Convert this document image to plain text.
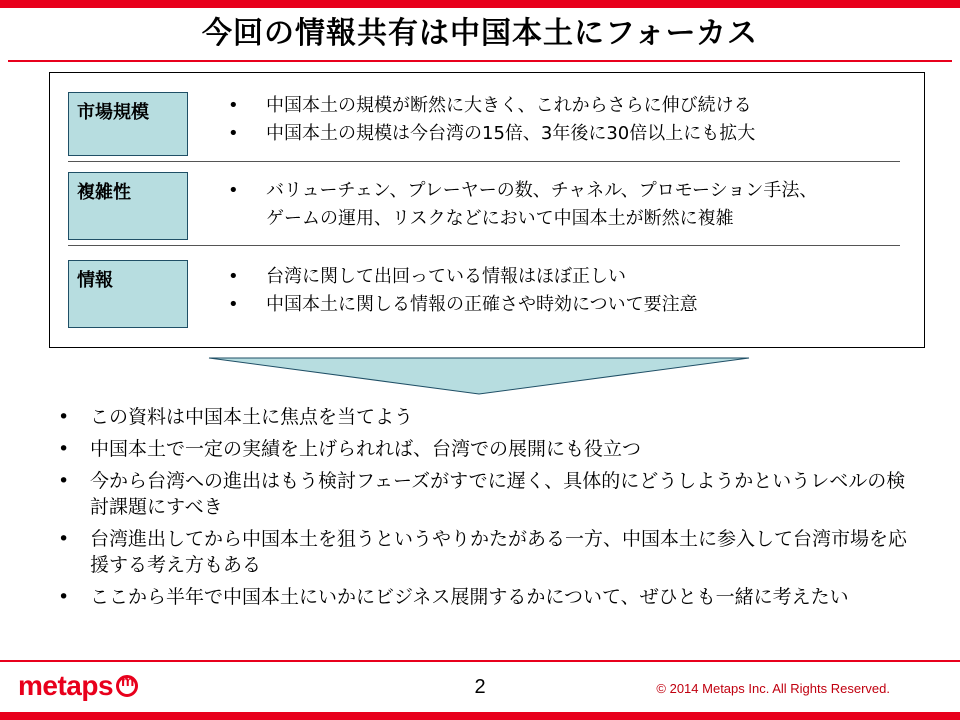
今回の情報共有は中国本土にフォーカス
市場規模	• 中国本土の規模が断然に大きく、これからさらに伸び続ける
• 中国本土の規模は今台湾の15倍、3年後に30倍以上にも拡大
複雑性	• バリューチェン、プレーヤーの数、チャネル、プロモーション手法、
ゲームの運用、リスクなどにおいて中国本土が断然に複雑
情報	• 台湾に関して出回っている情報はほぼ正しい
• 中国本土に関しる情報の正確さや時効について要注意
• この資料は中国本土に焦点を当てよう
• 中国本土で一定の実績を上げられれば、台湾での展開にも役立つ
• 今から台湾への進出はもう検討フェーズがすでに遅く、具体的にどうしようかというレベルの検討課題にすべき
• 台湾進出してから中国本土を狙うというやりかたがある一方、中国本土に参入して台湾市場を応援する考え方もある
• ここから半年で中国本土にいかにビジネス展開するかについて、ぜひとも一緒に考えたい
metaps m	2	© 2014 Metaps Inc. All Rights Reserved.
